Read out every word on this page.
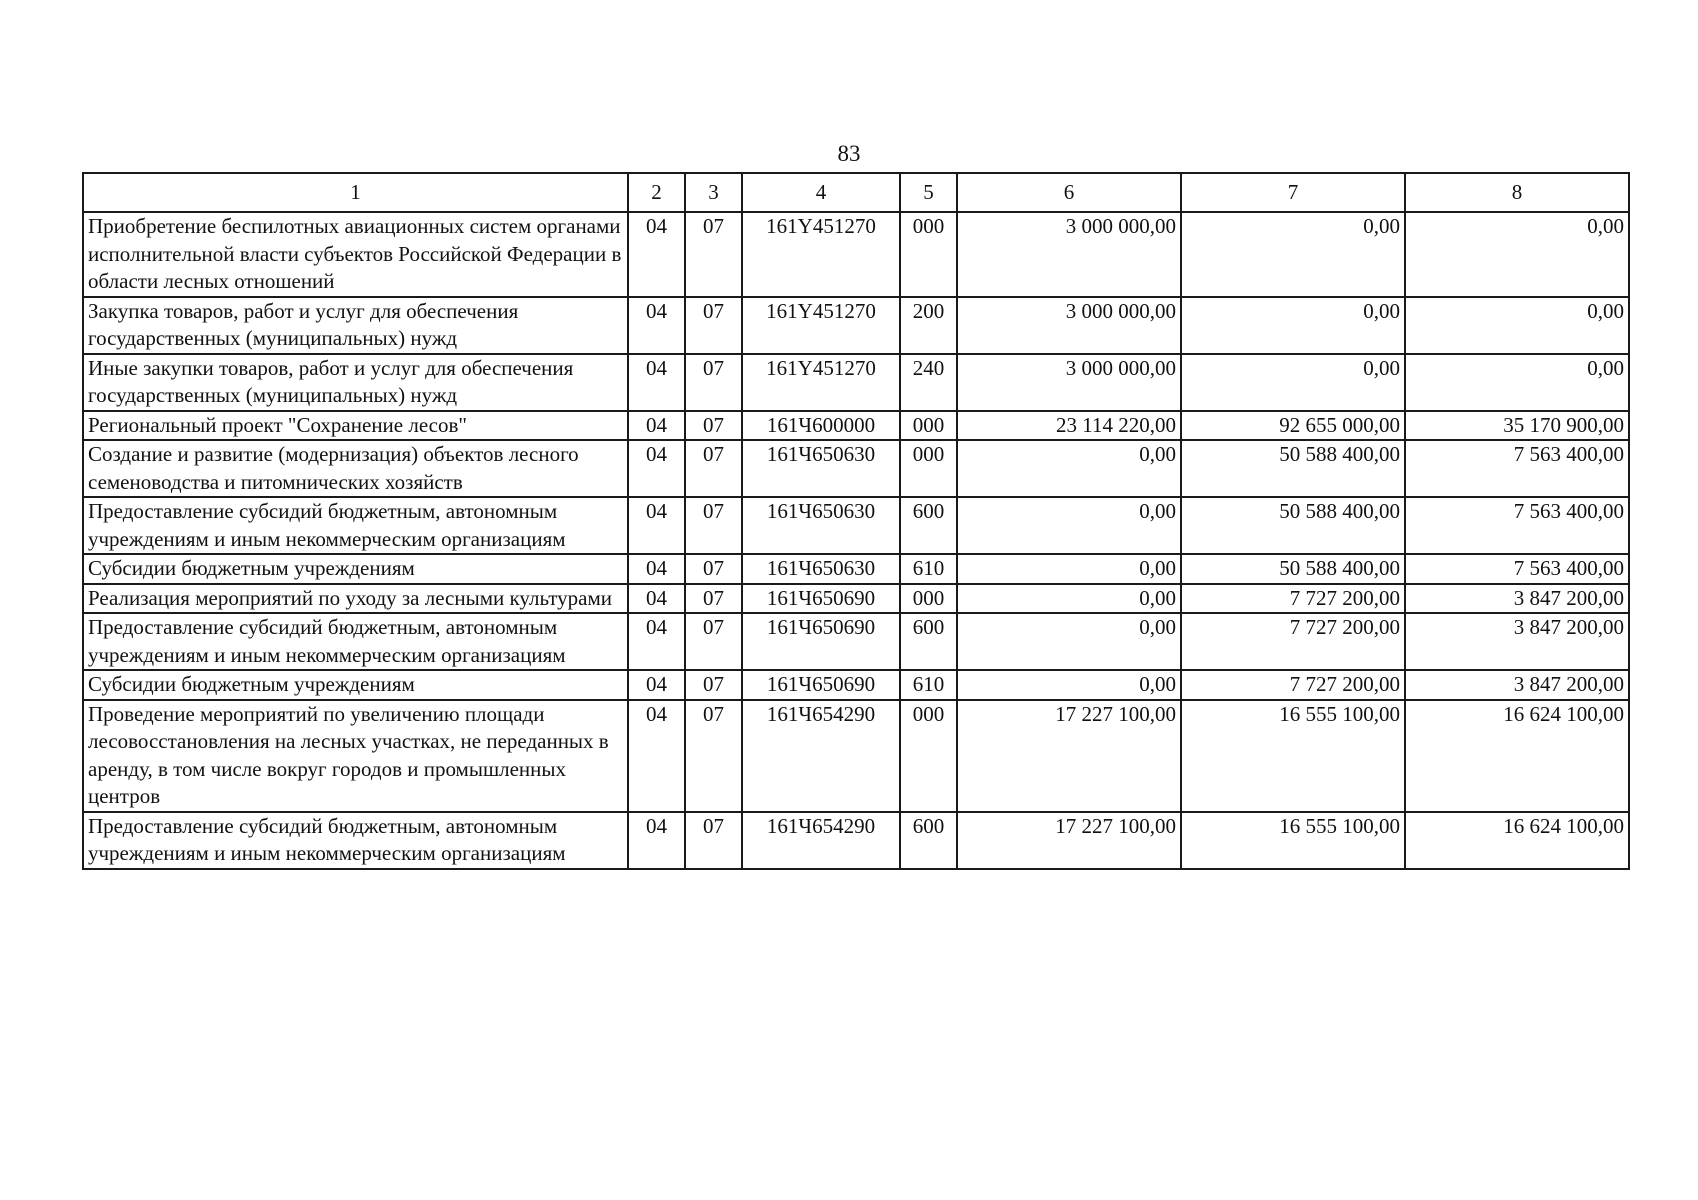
83
1	2	3	4	5	6	7	8
Приобретение беспилотных авиационных систем органами исполнительной власти субъектов Российской Федерации в области лесных отношений	04	07	161Y451270	000	3 000 000,00	0,00	0,00
Закупка товаров, работ и услуг для обеспечения государственных (муниципальных) нужд	04	07	161Y451270	200	3 000 000,00	0,00	0,00
Иные закупки товаров, работ и услуг для обеспечения государственных (муниципальных) нужд	04	07	161Y451270	240	3 000 000,00	0,00	0,00
Региональный проект "Сохранение лесов"	04	07	161Ч600000	000	23 114 220,00	92 655 000,00	35 170 900,00
Создание и развитие (модернизация) объектов лесного семеноводства и питомнических хозяйств	04	07	161Ч650630	000	0,00	50 588 400,00	7 563 400,00
Предоставление субсидий бюджетным, автономным учреждениям и иным некоммерческим организациям	04	07	161Ч650630	600	0,00	50 588 400,00	7 563 400,00
Субсидии бюджетным учреждениям	04	07	161Ч650630	610	0,00	50 588 400,00	7 563 400,00
Реализация мероприятий по уходу за лесными культурами	04	07	161Ч650690	000	0,00	7 727 200,00	3 847 200,00
Предоставление субсидий бюджетным, автономным учреждениям и иным некоммерческим организациям	04	07	161Ч650690	600	0,00	7 727 200,00	3 847 200,00
Субсидии бюджетным учреждениям	04	07	161Ч650690	610	0,00	7 727 200,00	3 847 200,00
Проведение мероприятий по увеличению площади лесовосстановления на лесных участках, не переданных в аренду, в том числе вокруг городов и промышленных центров	04	07	161Ч654290	000	17 227 100,00	16 555 100,00	16 624 100,00
Предоставление субсидий бюджетным, автономным учреждениям и иным некоммерческим организациям	04	07	161Ч654290	600	17 227 100,00	16 555 100,00	16 624 100,00
